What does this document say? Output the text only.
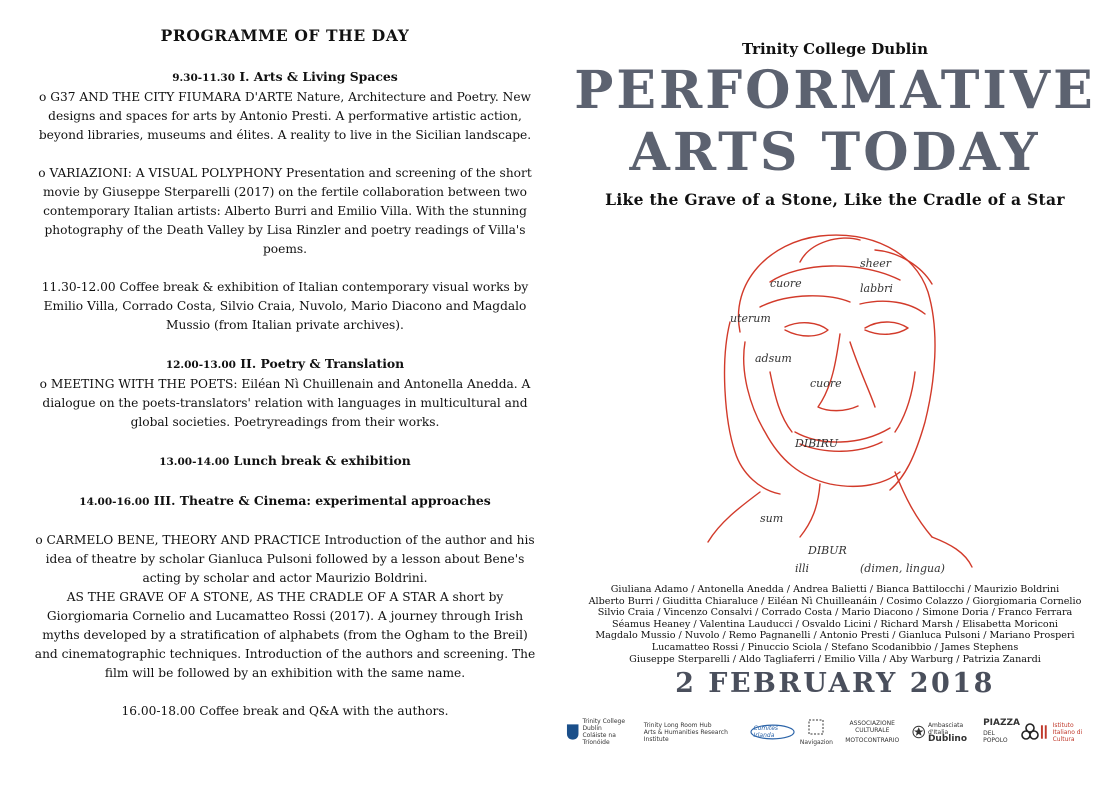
PROGRAMME OF THE DAY
9.30-11.30 I. Arts & Living Spaces

o G37 AND THE CITY FIUMARA D'ARTE Nature, Architecture and Poetry. New designs and spaces for arts by Antonio Presti. A performative artistic action, beyond libraries, museums and élites. A reality to live in the Sicilian landscape.

o VARIAZIONI: A VISUAL POLYPHONY Presentation and screening of the short movie by Giuseppe Sterparelli (2017) on the fertile collaboration between two contemporary Italian artists: Alberto Burri and Emilio Villa. With the stunning photography of the Death Valley by Lisa Rinzler and poetry readings of Villa's poems.

11.30-12.00 Coffee break & exhibition of Italian contemporary visual works by Emilio Villa, Corrado Costa, Silvio Craia, Nuvolo, Mario Diacono and Magdalo Mussio (from Italian private archives).

12.00-13.00 II. Poetry & Translation

o MEETING WITH THE POETS: Eiléan Nì Chuillenain and Antonella Anedda. A dialogue on the poets-translators' relation with languages in multicultural and global societies. Poetryreadings from their works.

13.00-14.00 Lunch break & exhibition
14.00-16.00 III. Theatre & Cinema: experimental approaches

o CARMELO BENE, THEORY AND PRACTICE Introduction of the author and his idea of theatre by scholar Gianluca Pulsoni followed by a lesson about Bene's acting by scholar and actor Maurizio Boldrini.

AS THE GRAVE OF A STONE, AS THE CRADLE OF A STAR A short by Giorgiomaria Cornelio and Lucamatteo Rossi (2017). A journey through Irish myths developed by a stratification of alphabets (from the Ogham to the Breil) and cinematographic techniques. Introduction of the authors and screening. The film will be followed by an exhibition with the same name.

16.00-18.00 Coffee break and Q&A with the authors.

Trinity College Dublin
PERFORMATIVE
ARTS TODAY
Like the Grave of a Stone, Like the Cradle of a Star
cuore
cuore
DIBIRU
DIBUR
labbri
uterum
illi
sum
sheer
adsum
(dimen, lingua)
Giuliana Adamo / Antonella Anedda / Andrea Balietti / Bianca Battilocchi / Maurizio Boldrini
Alberto Burri / Giuditta Chiaraluce / Eiléan Nì Chuilleanáin / Cosimo Colazzo / Giorgiomaria Cornelio
Silvio Craia / Vincenzo Consalvi / Corrado Costa / Mario Diacono / Simone Doria / Franco Ferrara
Séamus Heaney / Valentina Lauducci / Osvaldo Licini / Richard Marsh / Elisabetta Moriconi
Magdalo Mussio / Nuvolo / Remo Pagnanelli / Antonio Presti / Gianluca Pulsoni / Mariano Prosperi
Lucamatteo Rossi / Pinuccio Sciola / Stefano Scodanibbio / James Stephens
Giuseppe Sterparelli / Aldo Tagliaferri / Emilio Villa / Aby Warburg / Patrizia Zanardi
2 FEBRUARY 2018
Trinity College Dublin
Coláiste na Tríonóide
Trinity Long Room Hub
Arts & Humanities Research Institute
Comites Irlanda
Navigazion
ASSOCIAZIONE CULTURALE
MOTOCONTRARIO
Ambasciata d'Italia
Dublino
PIAZZA
DEL POPOLO
Istituto
Italiano di Cultura
